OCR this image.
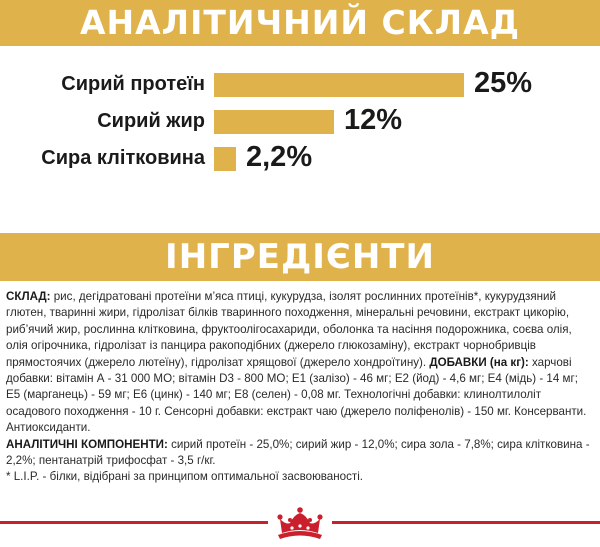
АНАЛІТИЧНИЙ СКЛАД
Сирий протеїн	25%
Сирий жир	12%
Сира клітковина 2,2%
ІНГРЕДІЄНТИ
СКЛАД: рис, дегідратовані протеїни м’яса птиці, кукурудза, ізолят рослинних протеїнів*, кукурудзяний глютен, тваринні жири, гідролізат білків тваринного походження, мінеральні речовини, екстракт цикорію, риб’ячий жир, рослинна клітковина, фруктоолігосахариди, оболонка та насіння подорожника, соєва олія, олія огірочника, гідролізат із панцира ракоподібних (джерело глюкозаміну), екстракт чорнобривців прямостоячих (джерело лютеїну), гідролізат хрящової (джерело хондроїтину). ДОБАВКИ (на кг): харчові добавки: вітамін А - 31 000 МО; вітамін D3 - 800 МО; Е1 (залізо) - 46 мг; Е2 (йод) - 4,6 мг; Е4 (мідь) - 14 мг; Е5 (марганець) - 59 мг; Е6 (цинк) - 140 мг; Е8 (селен) - 0,08 мг. Технологічні добавки: клинолтилоліт осадового походження - 10 г. Сенсорні добавки: екстракт чаю (джерело поліфенолів) - 150 мг. Консерванти. Антиоксиданти.
АНАЛІТИЧНІ КОМПОНЕНТИ: сирий протеїн - 25,0%; сирий жир - 12,0%; сира зола - 7,8%; сира клітковина - 2,2%; пентанатрій трифосфат - 3,5 г/кг.
* L.I.P. - білки, відібрані за принципом оптимальної засвоюваності.
